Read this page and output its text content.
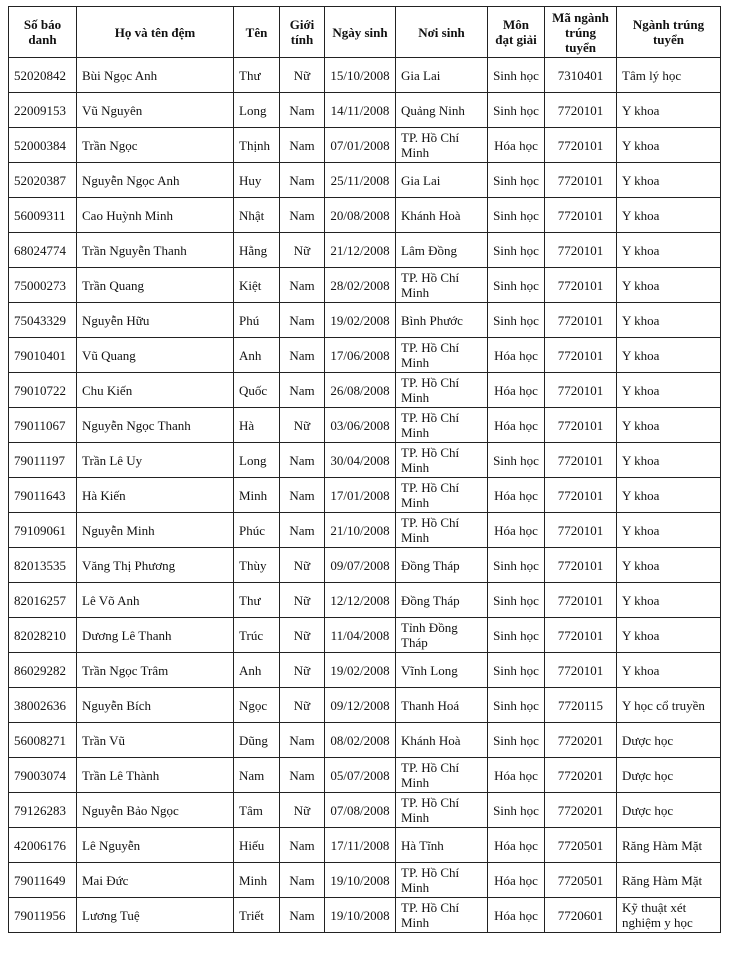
Số báo danh	Họ và tên đệm	Tên	Giới tính	Ngày sinh	Nơi sinh	Môn đạt giải	Mã ngành trúng tuyển	Ngành trúng tuyển
52020842	Bùi Ngọc Anh	Thư	Nữ	15/10/2008	Gia Lai	Sinh học	7310401	Tâm lý học
22009153	Vũ Nguyên	Long	Nam	14/11/2008	Quảng Ninh	Sinh học	7720101	Y khoa
52000384	Trần Ngọc	Thịnh	Nam	07/01/2008	TP. Hồ Chí Minh	Hóa học	7720101	Y khoa
52020387	Nguyễn Ngọc Anh	Huy	Nam	25/11/2008	Gia Lai	Sinh học	7720101	Y khoa
56009311	Cao Huỳnh Minh	Nhật	Nam	20/08/2008	Khánh Hoà	Sinh học	7720101	Y khoa
68024774	Trần Nguyễn Thanh	Hằng	Nữ	21/12/2008	Lâm Đồng	Sinh học	7720101	Y khoa
75000273	Trần Quang	Kiệt	Nam	28/02/2008	TP. Hồ Chí Minh	Sinh học	7720101	Y khoa
75043329	Nguyễn Hữu	Phú	Nam	19/02/2008	Bình Phước	Sinh học	7720101	Y khoa
79010401	Vũ Quang	Anh	Nam	17/06/2008	TP. Hồ Chí Minh	Hóa học	7720101	Y khoa
79010722	Chu Kiến	Quốc	Nam	26/08/2008	TP. Hồ Chí Minh	Hóa học	7720101	Y khoa
79011067	Nguyễn Ngọc Thanh	Hà	Nữ	03/06/2008	TP. Hồ Chí Minh	Hóa học	7720101	Y khoa
79011197	Trần Lê Uy	Long	Nam	30/04/2008	TP. Hồ Chí Minh	Sinh học	7720101	Y khoa
79011643	Hà Kiến	Minh	Nam	17/01/2008	TP. Hồ Chí Minh	Hóa học	7720101	Y khoa
79109061	Nguyễn Minh	Phúc	Nam	21/10/2008	TP. Hồ Chí Minh	Hóa học	7720101	Y khoa
82013535	Văng Thị Phương	Thùy	Nữ	09/07/2008	Đồng Tháp	Sinh học	7720101	Y khoa
82016257	Lê Võ Anh	Thư	Nữ	12/12/2008	Đồng Tháp	Sinh học	7720101	Y khoa
82028210	Dương Lê Thanh	Trúc	Nữ	11/04/2008	Tỉnh Đồng Tháp	Sinh học	7720101	Y khoa
86029282	Trần Ngọc Trâm	Anh	Nữ	19/02/2008	Vĩnh Long	Sinh học	7720101	Y khoa
38002636	Nguyễn Bích	Ngọc	Nữ	09/12/2008	Thanh Hoá	Sinh học	7720115	Y học cổ truyền
56008271	Trần Vũ	Dũng	Nam	08/02/2008	Khánh Hoà	Sinh học	7720201	Dược học
79003074	Trần Lê Thành	Nam	Nam	05/07/2008	TP. Hồ Chí Minh	Hóa học	7720201	Dược học
79126283	Nguyễn Bảo Ngọc	Tâm	Nữ	07/08/2008	TP. Hồ Chí Minh	Sinh học	7720201	Dược học
42006176	Lê Nguyễn	Hiếu	Nam	17/11/2008	Hà Tĩnh	Hóa học	7720501	Răng Hàm Mặt
79011649	Mai Đức	Minh	Nam	19/10/2008	TP. Hồ Chí Minh	Hóa học	7720501	Răng Hàm Mặt
79011956	Lương Tuệ	Triết	Nam	19/10/2008	TP. Hồ Chí Minh	Hóa học	7720601	Kỹ thuật xét nghiệm y học
